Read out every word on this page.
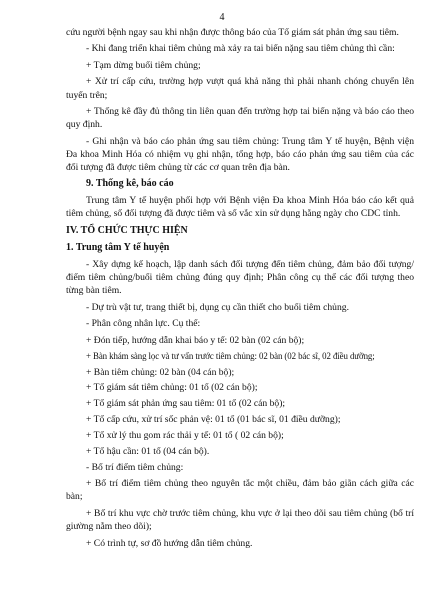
4

cứu người bệnh ngay sau khi nhận được thông báo của Tổ giám sát phản ứng sau tiêm.

- Khi đang triển khai tiêm chủng mà xảy ra tai biến nặng sau tiêm chủng thì cần:

+ Tạm dừng buổi tiêm chủng;

+ Xử trí cấp cứu, trường hợp vượt quá khả năng thì phải nhanh chóng chuyển lên tuyến trên;

+ Thống kê đầy đủ thông tin liên quan đến trường hợp tai biến nặng và báo cáo theo quy định.

- Ghi nhận và báo cáo phản ứng sau tiêm chủng: Trung tâm Y tế huyện, Bệnh viện Đa khoa Minh Hóa có nhiệm vụ ghi nhận, tổng hợp, báo cáo phản ứng sau tiêm của các đối tượng đã được tiêm chủng từ các cơ quan trên địa bàn.

9. Thống kê, báo cáo

Trung tâm Y tế huyện phối hợp với Bệnh viện Đa khoa Minh Hóa báo cáo kết quả tiêm chủng, số đối tượng đã được tiêm và số vắc xin sử dụng hằng ngày cho CDC tỉnh.

IV. TỔ CHỨC THỰC HIỆN
1. Trung tâm Y tế huyện

- Xây dựng kế hoạch, lập danh sách đối tượng đến tiêm chủng, đảm bảo đối tượng/điểm tiêm chủng/buổi tiêm chủng đúng quy định; Phân công cụ thể các đối tượng theo từng bàn tiêm.

- Dự trù vật tư, trang thiết bị, dụng cụ cần thiết cho buổi tiêm chủng.

- Phân công nhân lực. Cụ thể:

+ Đón tiếp, hướng dẫn khai báo y tế: 02 bàn (02 cán bộ);

+ Bàn khám sàng lọc và tư vấn trước tiêm chủng: 02 bàn (02 bác sĩ, 02 điều dưỡng;

+ Bàn tiêm chủng: 02 bàn (04 cán bộ);

+ Tổ giám sát tiêm chủng: 01 tổ (02 cán bộ);

+ Tổ giám sát phản ứng sau tiêm: 01 tổ (02 cán bộ);

+ Tổ cấp cứu, xử trí sốc phản vệ: 01 tổ (01 bác sĩ, 01 điều dưỡng);

+ Tổ xử lý thu gom rác thải y tế: 01 tổ ( 02 cán bộ);

+ Tổ hậu cần: 01 tổ (04 cán bộ).

- Bố trí điểm tiêm chủng:

+ Bố trí điểm tiêm chủng theo nguyên tắc một chiều, đảm bảo giãn cách giữa các bàn;

+ Bố trí khu vực chờ trước tiêm chủng, khu vực ở lại theo dõi sau tiêm chủng (bố trí giường nằm theo dõi);

+ Có trình tự, sơ đồ hướng dẫn tiêm chủng.
